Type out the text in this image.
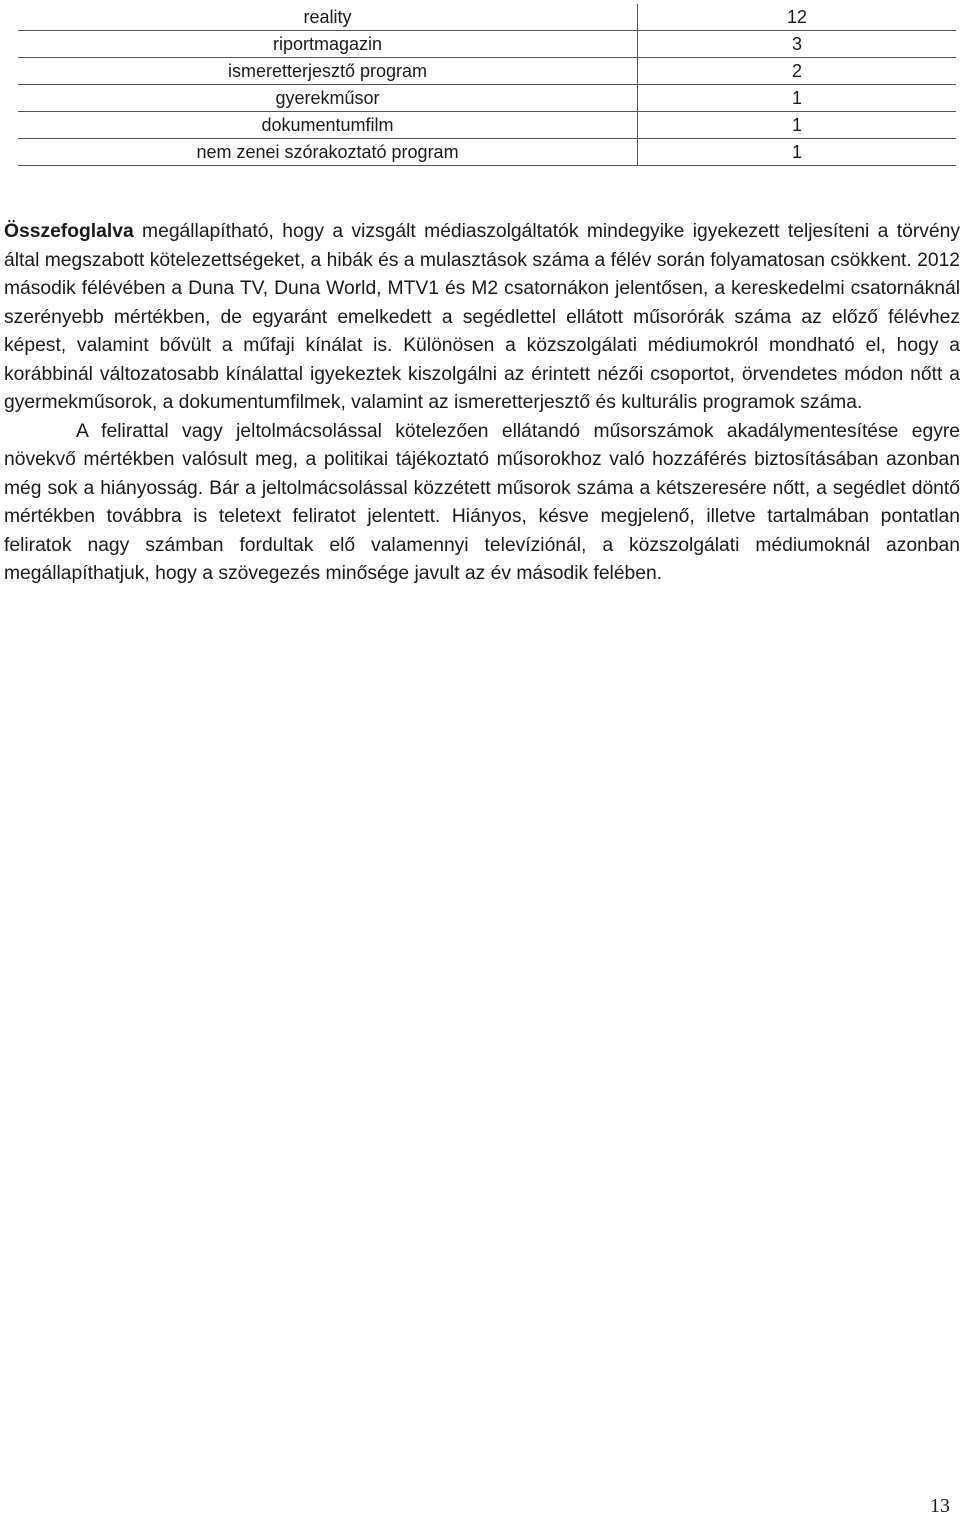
reality	12
riportmagazin	3
ismeretterjesztő program	2
gyerekműsor	1
dokumentumfilm	1
nem zenei szórakoztató program	1

Összefoglalva megállapítható, hogy a vizsgált médiaszolgáltatók mindegyike igyekezett teljesíteni a törvény által megszabott kötelezettségeket, a hibák és a mulasztások száma a félév során folyamatosan csökkent. 2012 második félévében a Duna TV, Duna World, MTV1 és M2 csatornákon jelentősen, a kereskedelmi csatornáknál szerényebb mértékben, de egyaránt emelkedett a segédlettel ellátott műsorórák száma az előző félévhez képest, valamint bővült a műfaji kínálat is. Különösen a közszolgálati médiumokról mondható el, hogy a korábbinál változatosabb kínálattal igyekeztek kiszolgálni az érintett nézői csoportot, örvendetes módon nőtt a gyermekműsorok, a dokumentumfilmek, valamint az ismeretterjesztő és kulturális programok száma.

A felirattal vagy jeltolmácsolással kötelezően ellátandó műsorszámok akadálymentesítése egyre növekvő mértékben valósult meg, a politikai tájékoztató műsorokhoz való hozzáférés biztosításában azonban még sok a hiányosság. Bár a jeltolmácsolással közzétett műsorok száma a kétszeresére nőtt, a segédlet döntő mértékben továbbra is teletext feliratot jelentett. Hiányos, késve megjelenő, illetve tartalmában pontatlan feliratok nagy számban fordultak elő valamennyi televíziónál, a közszolgálati médiumoknál azonban megállapíthatjuk, hogy a szövegezés minősége javult az év második felében.

13
